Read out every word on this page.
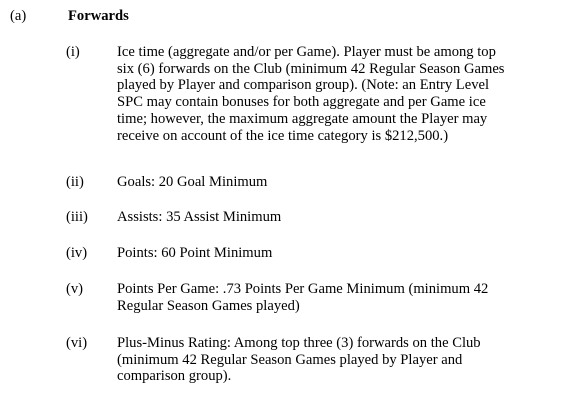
(a)	Forwards
(i)	Ice time (aggregate and/or per Game). Player must be among top
six (6) forwards on the Club (minimum 42 Regular Season Games
played by Player and comparison group). (Note: an Entry Level
SPC may contain bonuses for both aggregate and per Game ice
time; however, the maximum aggregate amount the Player may
receive on account of the ice time category is $212,500.)
(ii) Goals: 20 Goal Minimum
(iii) Assists: 35 Assist Minimum
(iv) Points: 60 Point Minimum
(v) Points Per Game: .73 Points Per Game Minimum (minimum 42
Regular Season Games played)
(vi) Plus-Minus Rating: Among top three (3) forwards on the Club
(minimum 42 Regular Season Games played by Player and
comparison group).
